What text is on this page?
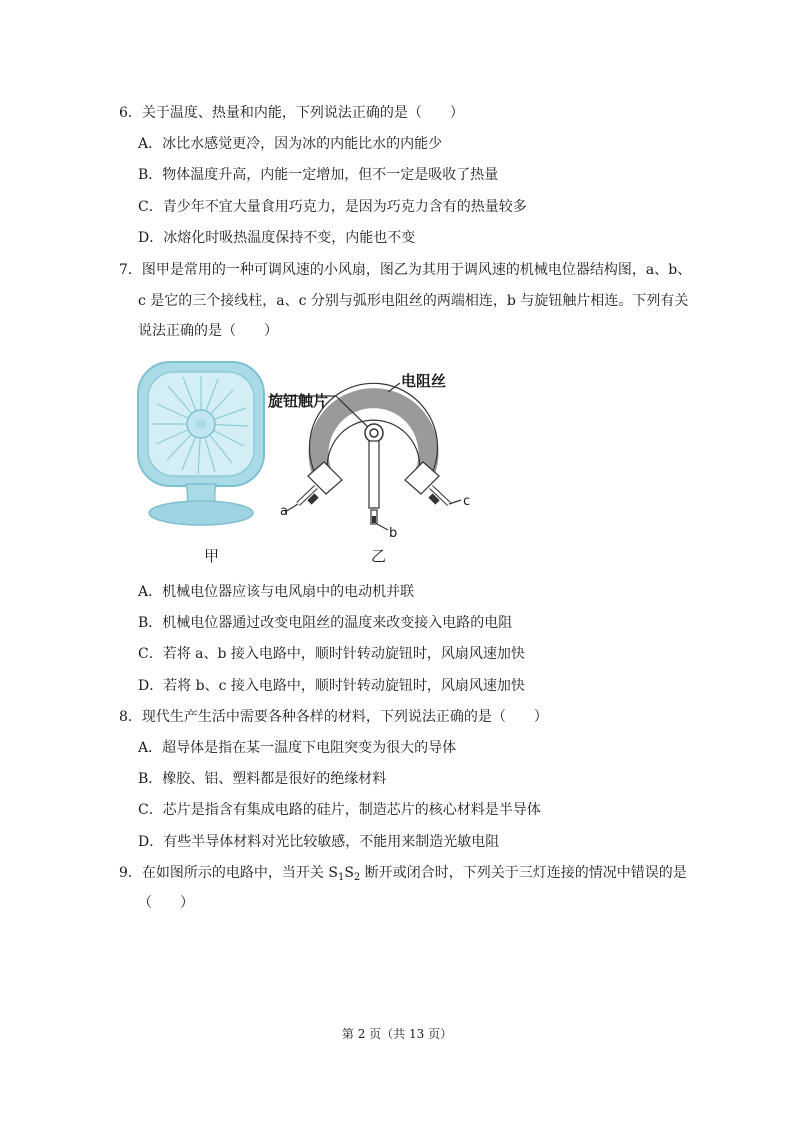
6．关于温度、热量和内能，下列说法正确的是（　　）
A．冰比水感觉更冷，因为冰的内能比水的内能少
B．物体温度升高，内能一定增加，但不一定是吸收了热量
C．青少年不宜大量食用巧克力，是因为巧克力含有的热量较多
D．冰熔化时吸热温度保持不变，内能也不变
7．图甲是常用的一种可调风速的小风扇，图乙为其用于调风速的机械电位器结构图，a、b、
c 是它的三个接线柱，a、c 分别与弧形电阻丝的两端相连，b 与旋钮触片相连。下列有关
说法正确的是（　　）
电阻丝
旋钮触片
a
b
c
甲	乙
A．机械电位器应该与电风扇中的电动机并联
B．机械电位器通过改变电阻丝的温度来改变接入电路的电阻
C．若将 a、b 接入电路中，顺时针转动旋钮时，风扇风速加快
D．若将 b、c 接入电路中，顺时针转动旋钮时，风扇风速加快
8．现代生产生活中需要各种各样的材料，下列说法正确的是（　　）
A．超导体是指在某一温度下电阻突变为很大的导体
B．橡胶、铝、塑料都是很好的绝缘材料
C．芯片是指含有集成电路的硅片，制造芯片的核心材料是半导体
D．有些半导体材料对光比较敏感，不能用来制造光敏电阻
9．在如图所示的电路中，当开关 $S_1S_2$ 断开或闭合时，下列关于三灯连接的情况中错误的是
（　　）
第 2 页（共 13 页）
